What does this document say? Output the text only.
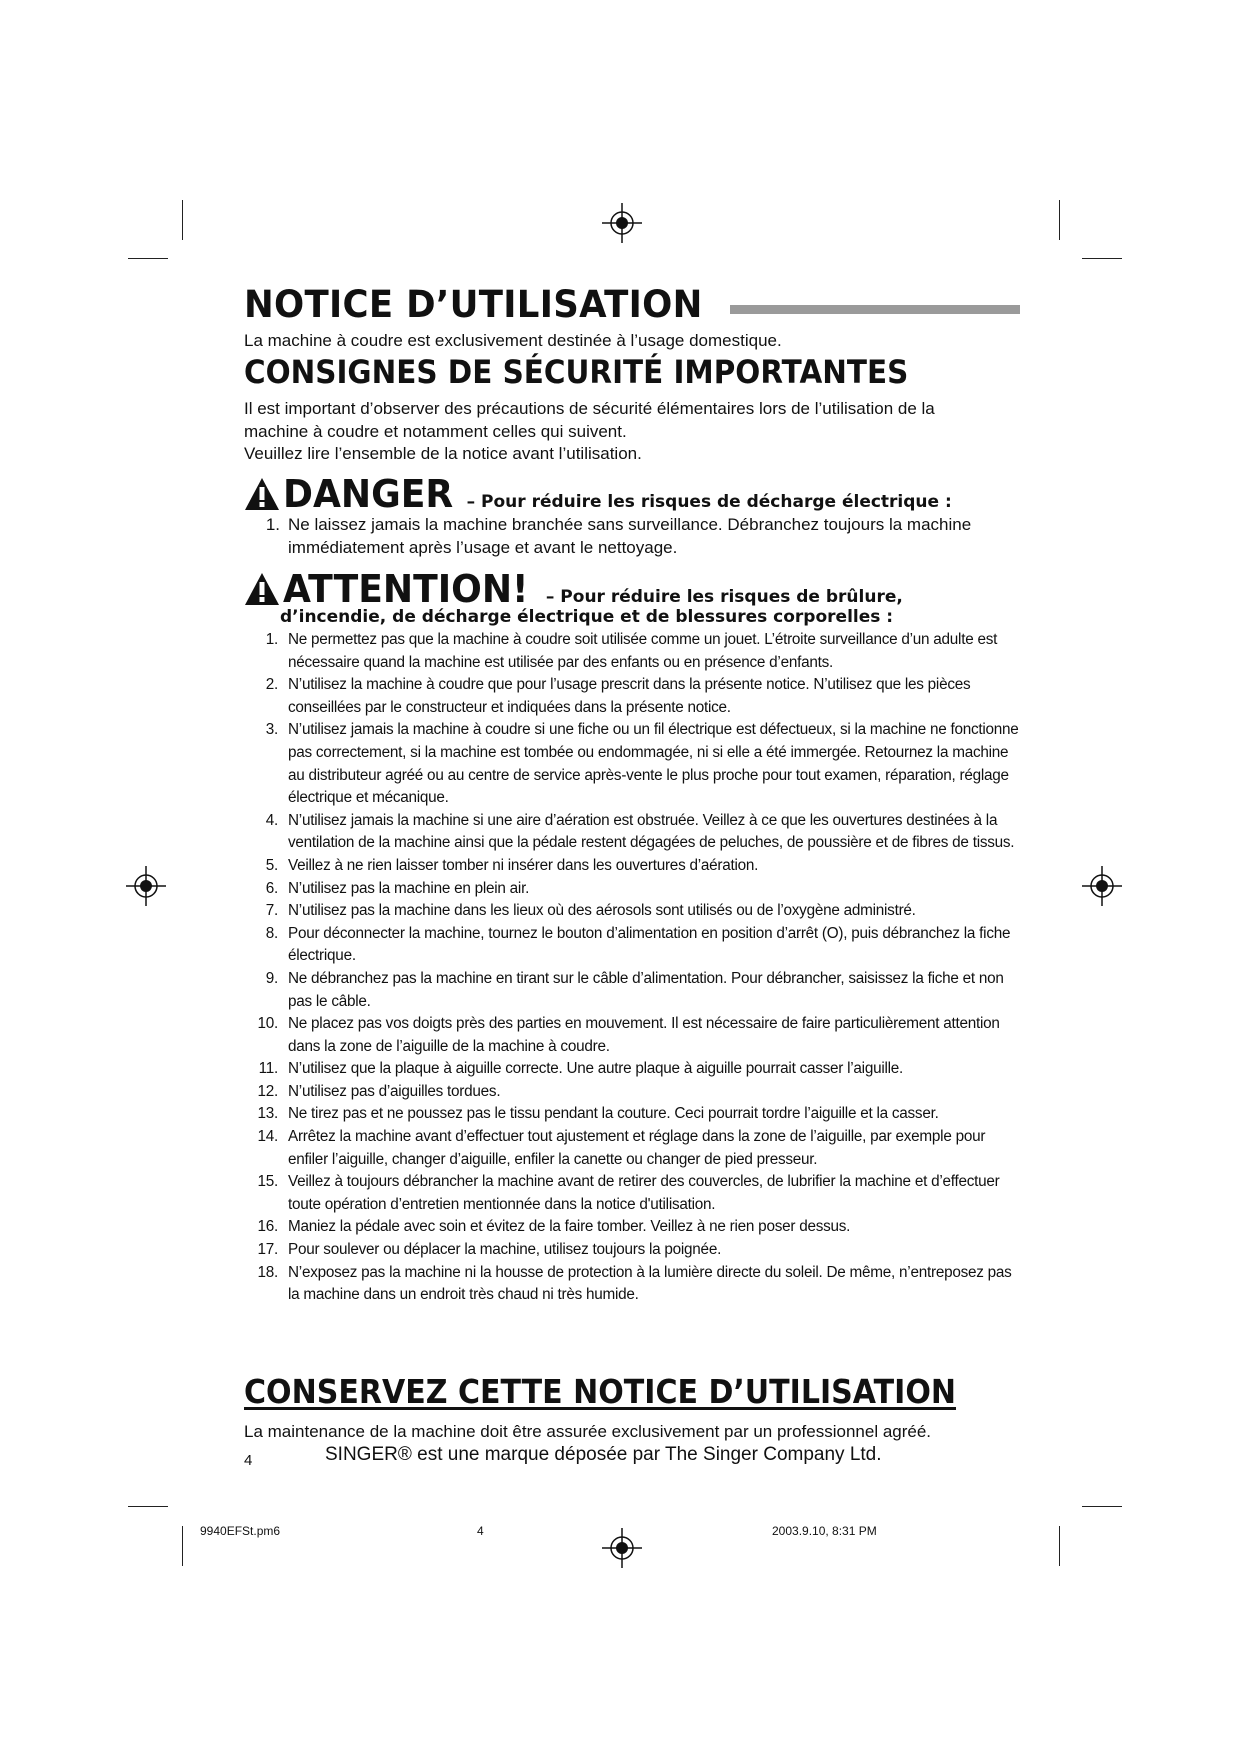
NOTICE D’UTILISATION

La machine à coudre est exclusivement destinée à l’usage domestique.

CONSIGNES DE SÉCURITÉ IMPORTANTES
Il est important d’observer des précautions de sécurité élémentaires lors de l’utilisation de la
machine à coudre et notamment celles qui suivent.
Veuillez lire l’ensemble de la notice avant l’utilisation.
DANGER – Pour réduire les risques de décharge électrique :
1. Ne laissez jamais la machine branchée sans surveillance. Débranchez toujours la machine immédiatement après l’usage et avant le nettoyage.
ATTENTION! – Pour réduire les risques de brûlure,
d’incendie, de décharge électrique et de blessures corporelles :
1. Ne permettez pas que la machine à coudre soit utilisée comme un jouet. L’étroite surveillance d’un adulte est nécessaire quand la machine est utilisée par des enfants ou en présence d’enfants.
2. N’utilisez la machine à coudre que pour l’usage prescrit dans la présente notice. N’utilisez que les pièces conseillées par le constructeur et indiquées dans la présente notice.
3. N’utilisez jamais la machine à coudre si une fiche ou un fil électrique est défectueux, si la machine ne fonctionne pas correctement, si la machine est tombée ou endommagée, ni si elle a été immergée. Retournez la machine au distributeur agréé ou au centre de service après-vente le plus proche pour tout examen, réparation, réglage électrique et mécanique.
4. N’utilisez jamais la machine si une aire d’aération est obstruée. Veillez à ce que les ouvertures destinées à la ventilation de la machine ainsi que la pédale restent dégagées de peluches, de poussière et de fibres de tissus.
5. Veillez à ne rien laisser tomber ni insérer dans les ouvertures d’aération.
6. N’utilisez pas la machine en plein air.
7. N’utilisez pas la machine dans les lieux où des aérosols sont utilisés ou de l’oxygène administré.
8. Pour déconnecter la machine, tournez le bouton d’alimentation en position d’arrêt (O), puis débranchez la fiche électrique.
9. Ne débranchez pas la machine en tirant sur le câble d’alimentation. Pour débrancher, saisissez la fiche et non pas le câble.
10. Ne placez pas vos doigts près des parties en mouvement. Il est nécessaire de faire particulièrement attention dans la zone de l’aiguille de la machine à coudre.
11. N’utilisez que la plaque à aiguille correcte. Une autre plaque à aiguille pourrait casser l’aiguille.
12. N’utilisez pas d’aiguilles tordues.
13. Ne tirez pas et ne poussez pas le tissu pendant la couture. Ceci pourrait tordre l’aiguille et la casser.
14. Arrêtez la machine avant d’effectuer tout ajustement et réglage dans la zone de l’aiguille, par exemple pour enfiler l’aiguille, changer d’aiguille, enfiler la canette ou changer de pied presseur.
15. Veillez à toujours débrancher la machine avant de retirer des couvercles, de lubrifier la machine et d’effectuer toute opération d’entretien mentionnée dans la notice d'utilisation.
16. Maniez la pédale avec soin et évitez de la faire tomber. Veillez à ne rien poser dessus.
17. Pour soulever ou déplacer la machine, utilisez toujours la poignée.
18. N’exposez pas la machine ni la housse de protection à la lumière directe du soleil. De même, n’entreposez pas la machine dans un endroit très chaud ni très humide.
CONSERVEZ CETTE NOTICE D’UTILISATION

La maintenance de la machine doit être assurée exclusivement par un professionnel agréé.

4	SINGER® est une marque déposée par The Singer Company Ltd.
9940EFSt.pm6	4	2003.9.10, 8:31 PM
